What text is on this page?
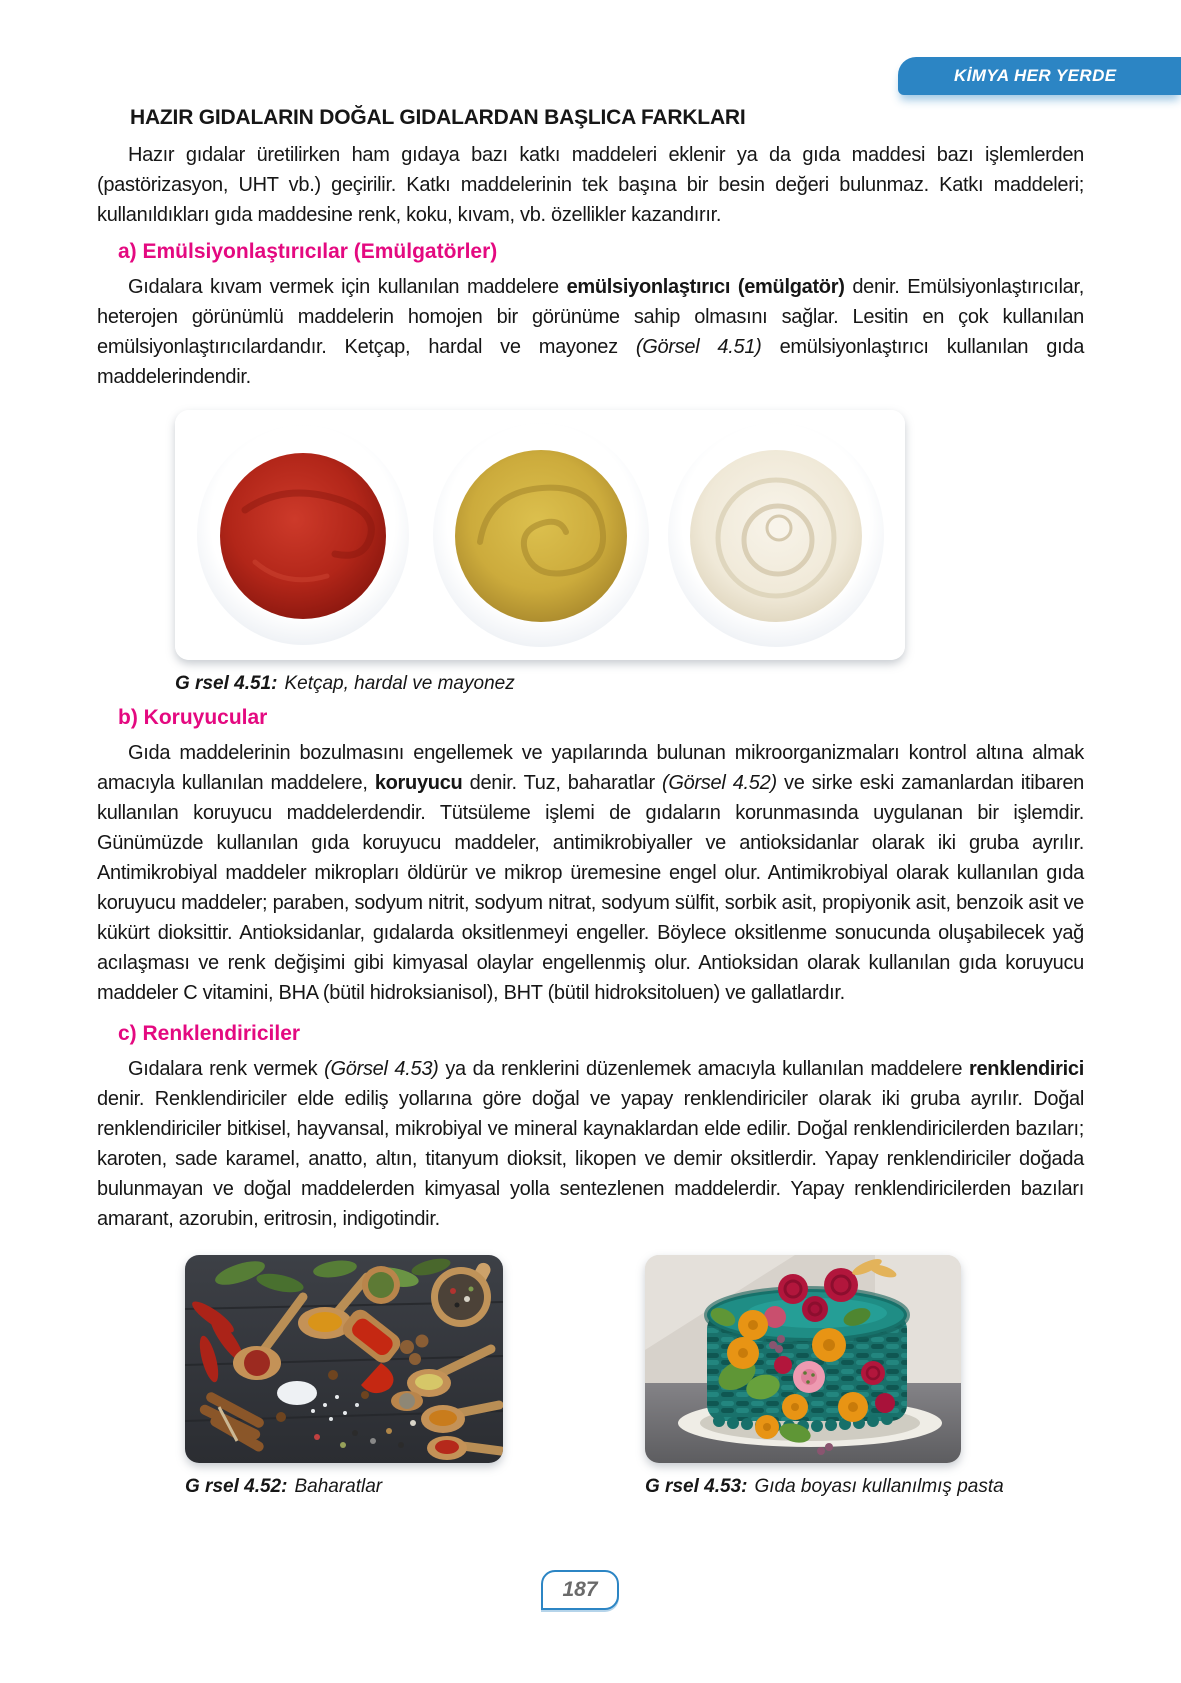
KİMYA HER YERDE
HAZIR GIDALARIN DOĞAL GIDALARDAN BAŞLICA FARKLARI

Hazır gıdalar üretilirken ham gıdaya bazı katkı maddeleri eklenir ya da gıda maddesi bazı işlemlerden (pastörizasyon, UHT vb.) geçirilir. Katkı maddelerinin tek başına bir besin değeri bulunmaz. Katkı maddeleri; kullanıldıkları gıda maddesine renk, koku, kıvam, vb. özellikler kazandırır.

a) Emülsiyonlaştırıcılar (Emülgatörler)

Gıdalara kıvam vermek için kullanılan maddelere emülsiyonlaştırıcı (emülgatör) denir. Emülsiyonlaştırıcılar, heterojen görünümlü maddelerin homojen bir görünüme sahip olmasını sağlar. Lesitin en çok kullanılan emülsiyonlaştırıcılardandır. Ketçap, hardal ve mayonez (Görsel 4.51) emülsiyonlaştırıcı kullanılan gıda maddelerindendir.

G rsel 4.51: Ketçap, hardal ve mayonez

b) Koruyucular

Gıda maddelerinin bozulmasını engellemek ve yapılarında bulunan mikroorganizmaları kontrol altına almak amacıyla kullanılan maddelere, koruyucu denir. Tuz, baharatlar (Görsel 4.52) ve sirke eski zamanlardan itibaren kullanılan koruyucu maddelerdendir. Tütsüleme işlemi de gıdaların korunmasında uygulanan bir işlemdir. Günümüzde kullanılan gıda koruyucu maddeler, antimikrobiyaller ve antioksidanlar olarak iki gruba ayrılır. Antimikrobiyal maddeler mikropları öldürür ve mikrop üremesine engel olur. Antimikrobiyal olarak kullanılan gıda koruyucu maddeler; paraben, sodyum nitrit, sodyum nitrat, sodyum sülfit, sorbik asit, propiyonik asit, benzoik asit ve kükürt dioksittir. Antioksidanlar, gıdalarda oksitlenmeyi engeller. Böylece oksitlenme sonucunda oluşabilecek yağ acılaşması ve renk değişimi gibi kimyasal olaylar engellenmiş olur. Antioksidan olarak kullanılan gıda koruyucu maddeler C vitamini, BHA (bütil hidroksianisol), BHT (bütil hidroksitoluen) ve gallatlardır.

c) Renklendiriciler

Gıdalara renk vermek (Görsel 4.53) ya da renklerini düzenlemek amacıyla kullanılan maddelere renklendirici denir. Renklendiriciler elde ediliş yollarına göre doğal ve yapay renklendiriciler olarak iki gruba ayrılır. Doğal renklendiriciler bitkisel, hayvansal, mikrobiyal ve mineral kaynaklardan elde edilir. Doğal renklendiricilerden bazıları; karoten, sade karamel, anatto, altın, titanyum dioksit, likopen ve demir oksitlerdir. Yapay renklendiriciler doğada bulunmayan ve doğal maddelerden kimyasal yolla sentezlenen maddelerdir. Yapay renklendiricilerden bazıları amarant, azorubin, eritrosin, indigotindir.

G rsel 4.52: Baharatlar	G rsel 4.53: Gıda boyası kullanılmış pasta

187
